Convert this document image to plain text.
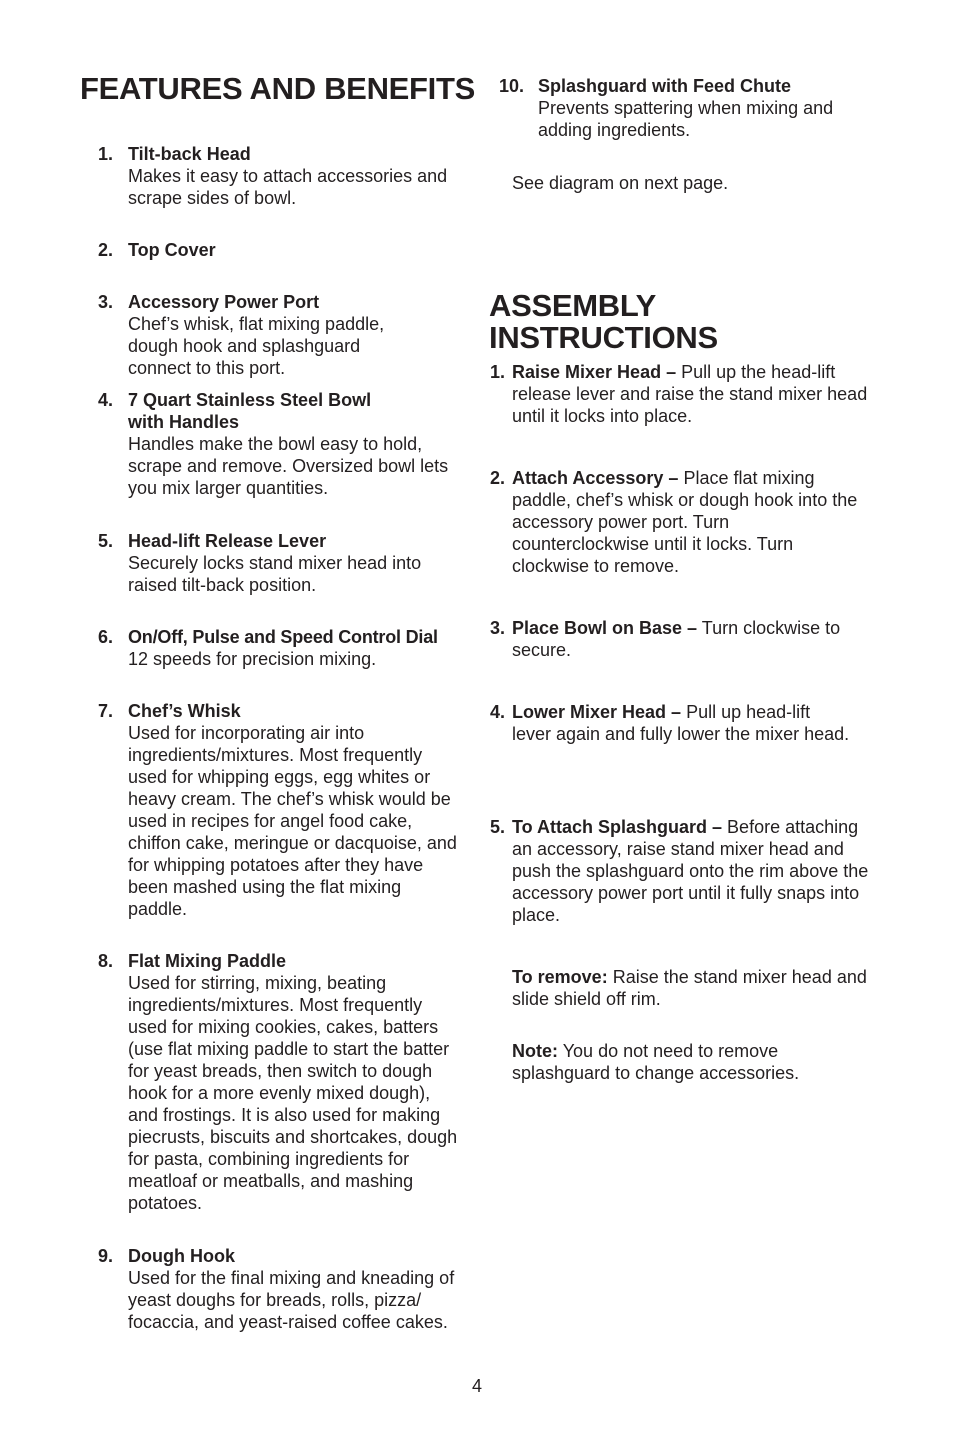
FEATURES AND BENEFITS
1. Tilt-back Head
Makes it easy to attach accessories and scrape sides of bowl.
2. Top Cover
3. Accessory Power Port
Chef’s whisk, flat mixing paddle, dough hook and splashguard connect to this port.
4. 7 Quart Stainless Steel Bowl with Handles
Handles make the bowl easy to hold, scrape and remove. Oversized bowl lets you mix larger quantities.
5. Head-lift Release Lever
Securely locks stand mixer head into raised tilt-back position.
6. On/Off, Pulse and Speed Control Dial
12 speeds for precision mixing.
7. Chef’s Whisk
Used for incorporating air into ingredients/mixtures. Most frequently used for whipping eggs, egg whites or heavy cream. The chef’s whisk would be used in recipes for angel food cake, chiffon cake, meringue or dacquoise, and for whipping potatoes after they have been mashed using the flat mixing paddle.
8. Flat Mixing Paddle
Used for stirring, mixing, beating ingredients/mixtures. Most frequently used for mixing cookies, cakes, batters (use flat mixing paddle to start the batter for yeast breads, then switch to dough hook for a more evenly mixed dough), and frostings. It is also used for making piecrusts, biscuits and shortcakes, dough for pasta, combining ingredients for meatloaf or meatballs, and mashing potatoes.
9. Dough Hook
Used for the final mixing and kneading of yeast doughs for breads, rolls, pizza/ focaccia, and yeast-raised coffee cakes.
10. Splashguard with Feed Chute
Prevents spattering when mixing and adding ingredients.
See diagram on next page.
ASSEMBLY INSTRUCTIONS
1. Raise Mixer Head – Pull up the head-lift release lever and raise the stand mixer head until it locks into place.
2. Attach Accessory – Place flat mixing paddle, chef’s whisk or dough hook into the accessory power port. Turn counterclockwise until it locks. Turn clockwise to remove.
3. Place Bowl on Base – Turn clockwise to secure.
4. Lower Mixer Head – Pull up head-lift lever again and fully lower the mixer head.
5. To Attach Splashguard – Before attaching an accessory, raise stand mixer head and push the splashguard onto the rim above the accessory power port until it fully snaps into place.
To remove: Raise the stand mixer head and slide shield off rim.
Note: You do not need to remove splashguard to change accessories.
4
